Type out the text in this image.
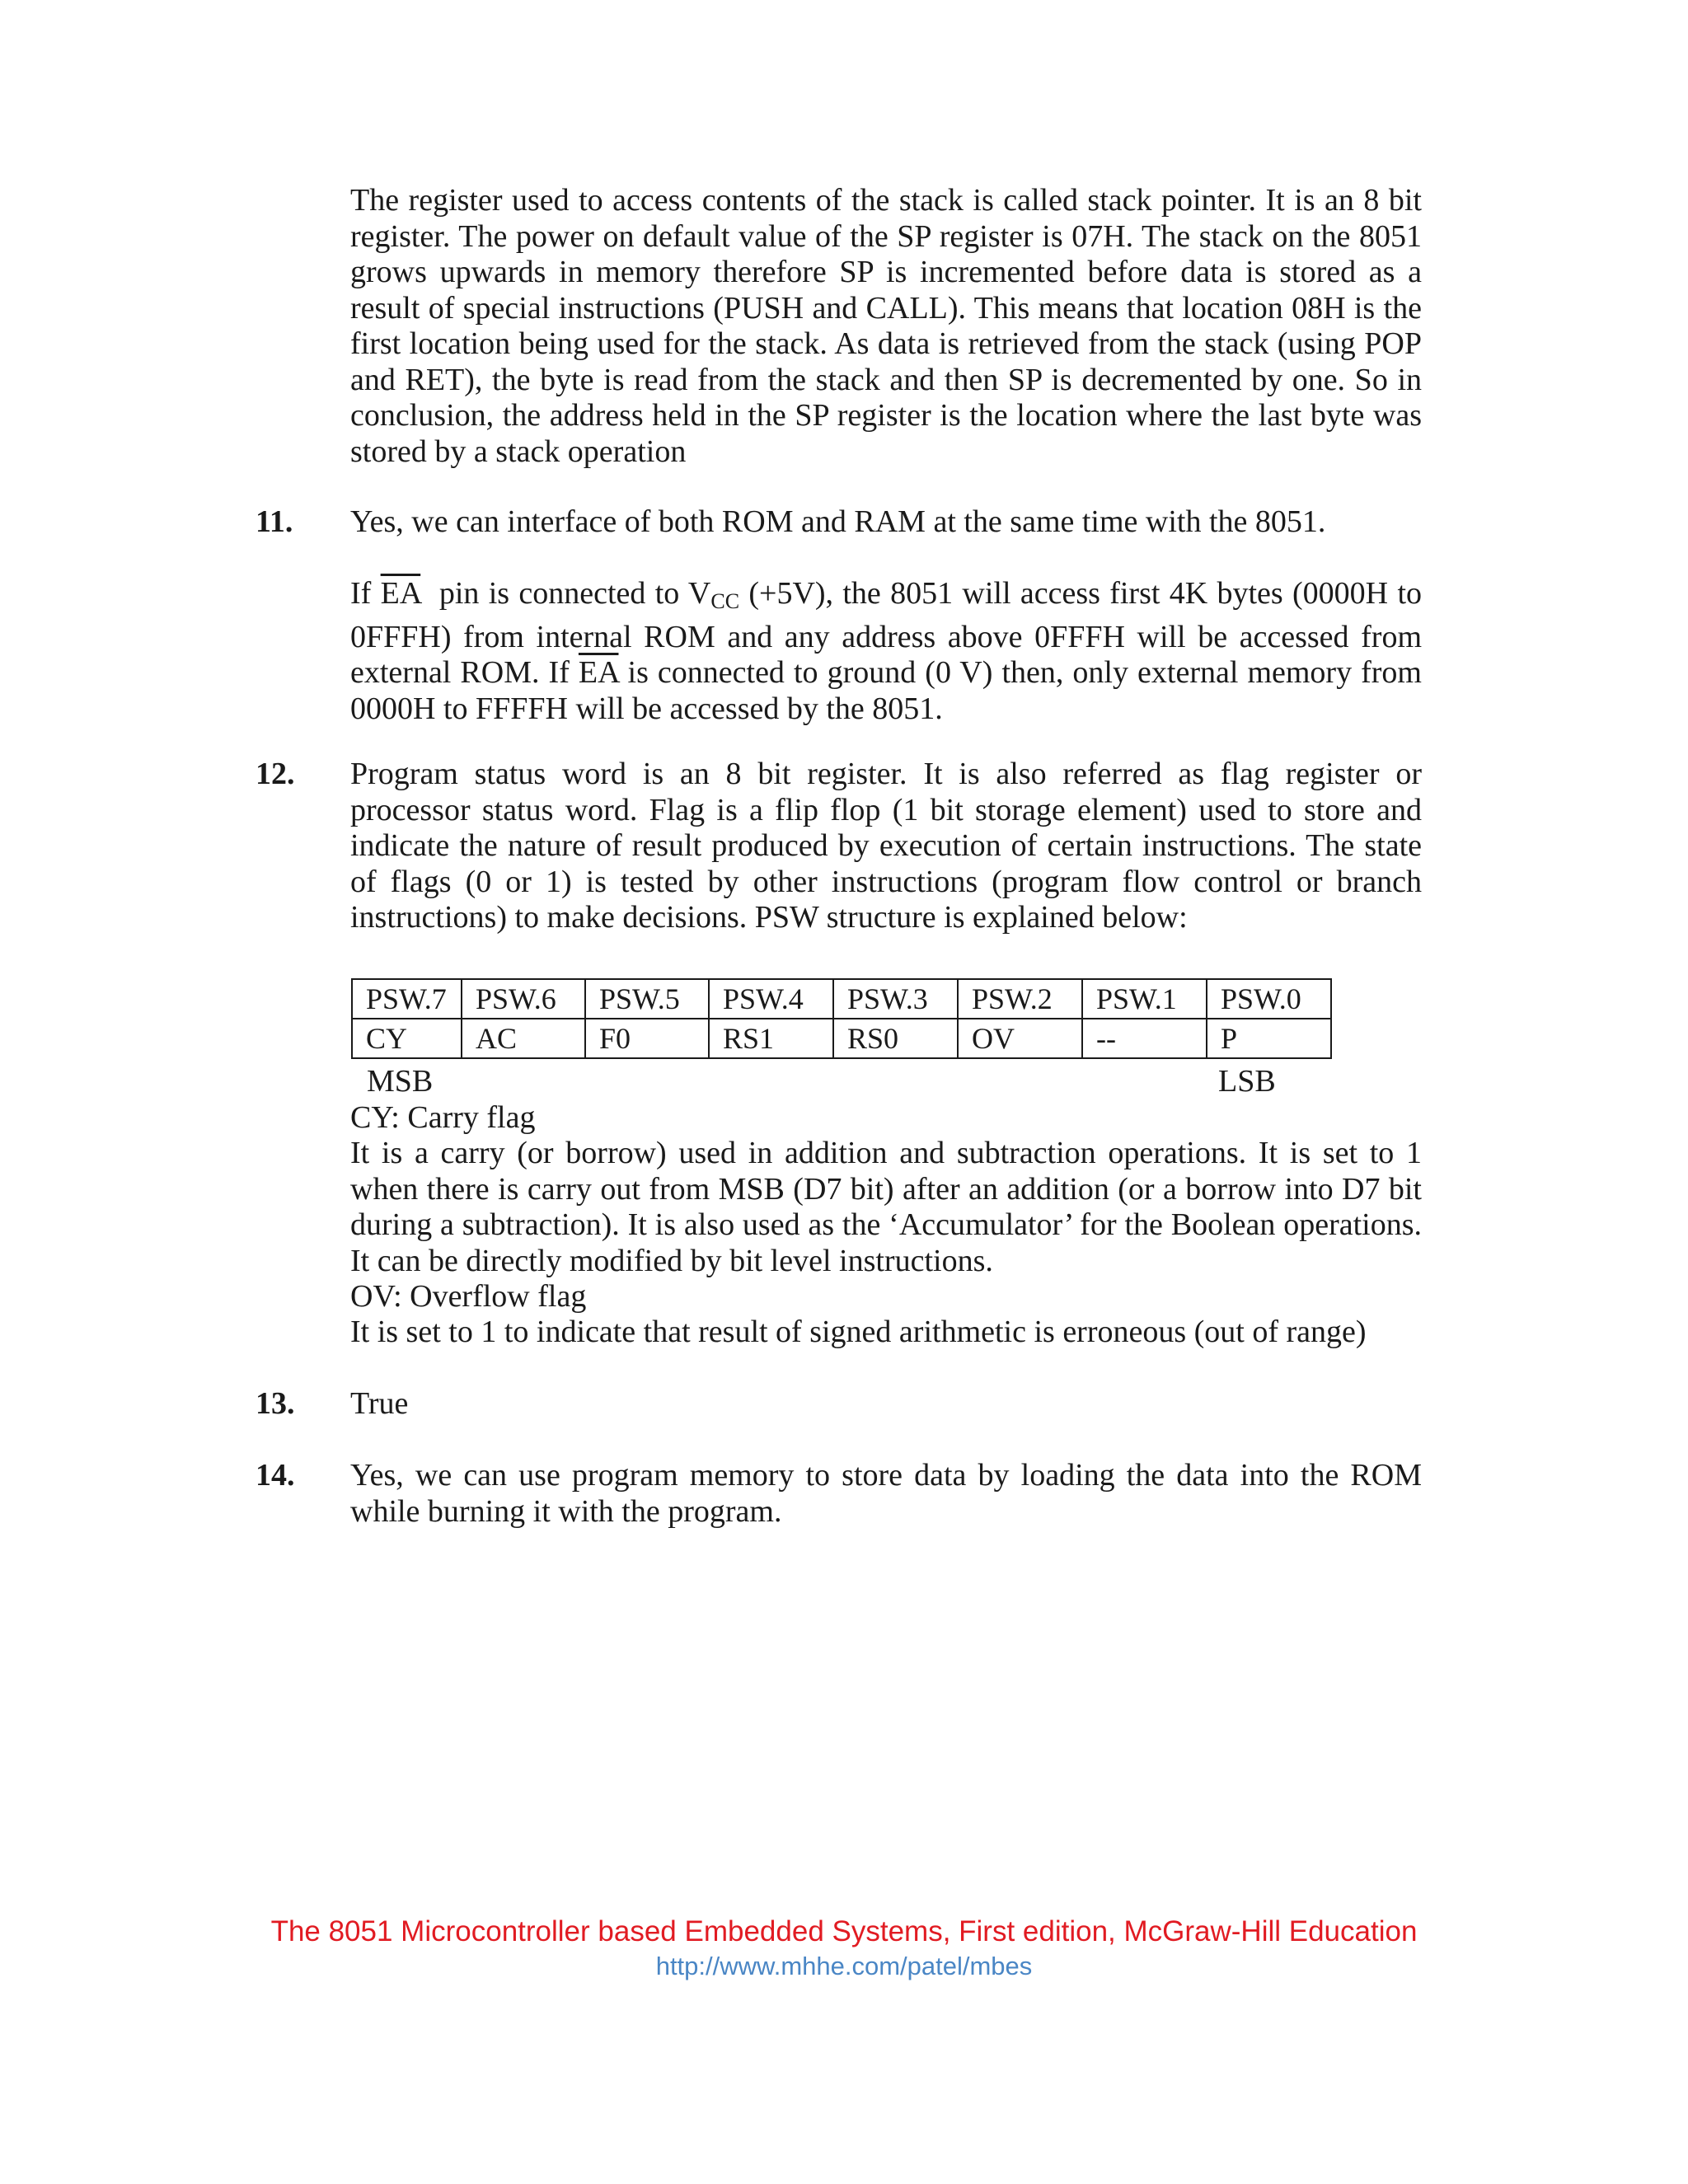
The register used to access contents of the stack is called stack pointer. It is an 8 bit register. The power on default value of the SP register is 07H. The stack on the 8051 grows upwards in memory therefore SP is incremented before data is stored as a result of special instructions (PUSH and CALL). This means that location 08H is the first location being used for the stack. As data is retrieved from the stack (using POP and RET), the byte is read from the stack and then SP is decremented by one. So in conclusion, the address held in the SP register is the location where the last byte was stored by a stack operation

11. Yes, we can interface of both ROM and RAM at the same time with the 8051.

If $\overline{EA}$  pin is connected to $V_{CC}$ (+5V), the 8051 will access first 4K bytes (0000H to 0FFFH) from internal ROM and any address above 0FFFH will be accessed from external ROM. If $\overline{EA}$ is connected to ground (0 V) then, only external memory from 0000H to FFFFH will be accessed by the 8051.

12. Program status word is an 8 bit register. It is also referred as flag register or processor status word. Flag is a flip flop (1 bit storage element) used to store and indicate the nature of result produced by execution of certain instructions. The state of flags (0 or 1) is tested by other instructions (program flow control or branch instructions) to make decisions. PSW structure is explained below:

PSW.7	PSW.6	PSW.5	PSW.4	PSW.3	PSW.2	PSW.1	PSW.0
CY	AC	F0	RS1	RS0	OV	--	P
MSB	LSB

CY: Carry flag

It is a carry (or borrow) used in addition and subtraction operations. It is set to 1 when there is carry out from MSB (D7 bit) after an addition (or a borrow into D7 bit during a subtraction). It is also used as the ‘Accumulator’ for the Boolean operations. It can be directly modified by bit level instructions.

OV: Overflow flag

It is set to 1 to indicate that result of signed arithmetic is erroneous (out of range)

13. True

14. Yes, we can use program memory to store data by loading the data into the ROM while burning it with the program.

The 8051 Microcontroller based Embedded Systems, First edition, McGraw-Hill Education
http://www.mhhe.com/patel/mbes
